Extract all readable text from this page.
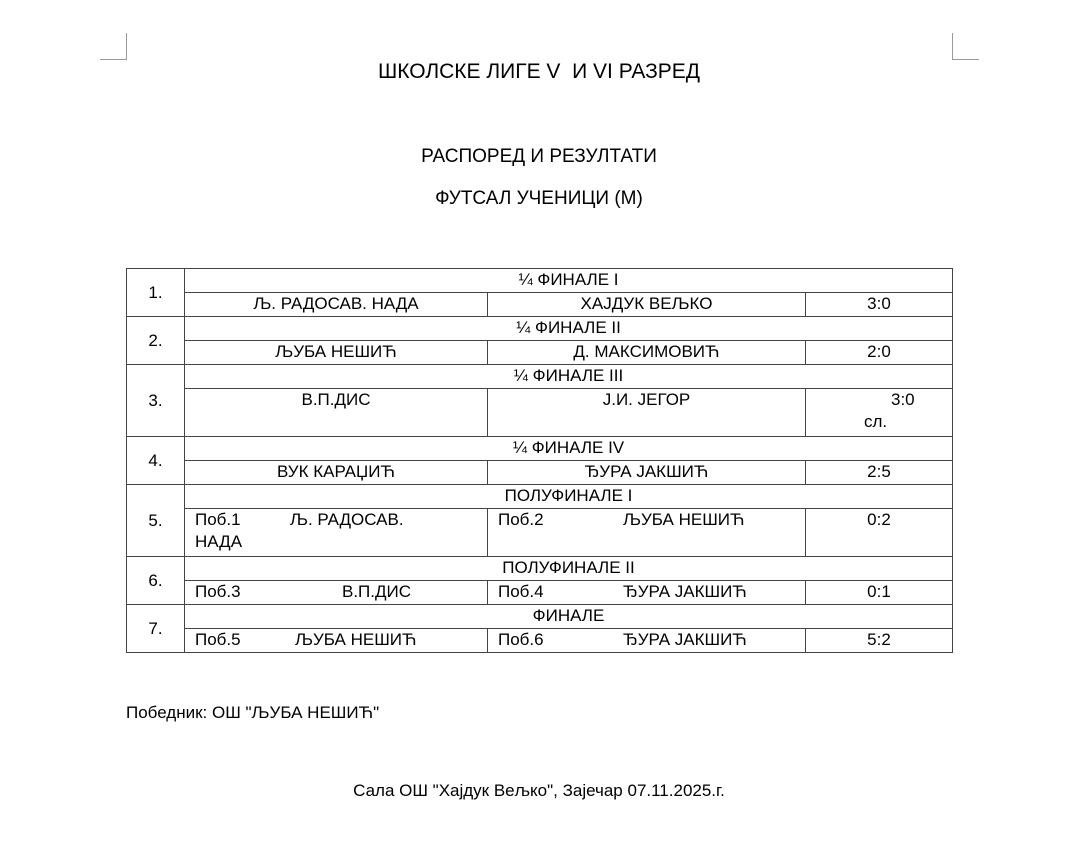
ШКОЛСКЕ ЛИГЕ V  И VI РАЗРЕД
РАСПОРЕД И РЕЗУЛТАТИ
ФУТСАЛ УЧЕНИЦИ (М)
1.	¼ ФИНАЛЕ I		
	Љ. РАДОСАВ. НАДА	ХАЈДУК ВЕЉКО	3:0
2.	¼ ФИНАЛЕ II		
	ЉУБА НЕШИЋ	Д. МАКСИМОВИЋ	2:0
3.	¼ ФИНАЛЕ III		
	В.П.ДИС	Ј.И. ЈЕГОР	3:0
сл.

4.	¼ ФИНАЛЕ IV		
	ВУК КАРАЏИЋ	ЂУРА ЈАКШИЋ	2:5
5.	ПОЛУФИНАЛЕ I		
	Поб.1 Љ. РАДОСАВ.
НАДА	Поб.2 ЉУБА НЕШИЋ	0:2
6.	ПОЛУФИНАЛЕ II		
	Поб.3 В.П.ДИС	Поб.4 ЂУРА ЈАКШИЋ	0:1
7.	ФИНАЛЕ		
	Поб.5 ЉУБА НЕШИЋ	Поб.6 ЂУРА ЈАКШИЋ	5:2
Победник: ОШ "ЉУБА НЕШИЋ"
Сала ОШ "Хајдук Вељко", Зајечар 07.11.2025.г.
